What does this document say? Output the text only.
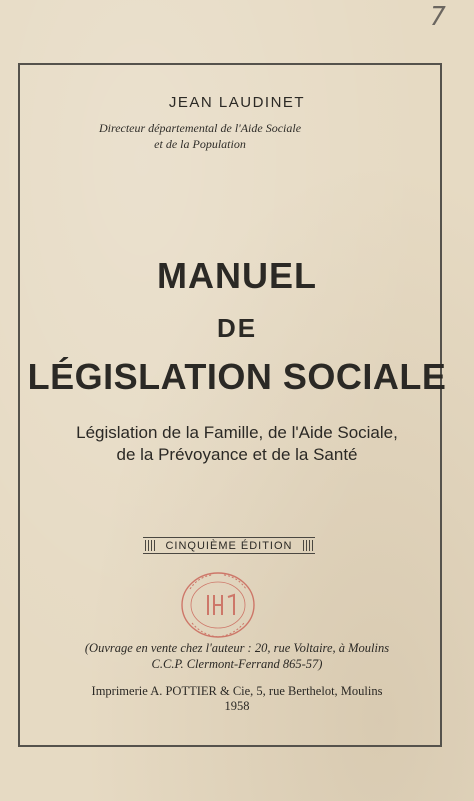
7
JEAN LAUDINET
Directeur départemental de l'Aide Sociale
et de la Population
MANUEL
DE
LÉGISLATION SOCIALE
Législation de la Famille, de l'Aide Sociale,
de la Prévoyance et de la Santé
CINQUIÈME ÉDITION
(Ouvrage en vente chez l'auteur : 20, rue Voltaire, à Moulins
C.C.P. Clermont-Ferrand 865-57)
Imprimerie A. POTTIER & Cie, 5, rue Berthelot, Moulins
1958
